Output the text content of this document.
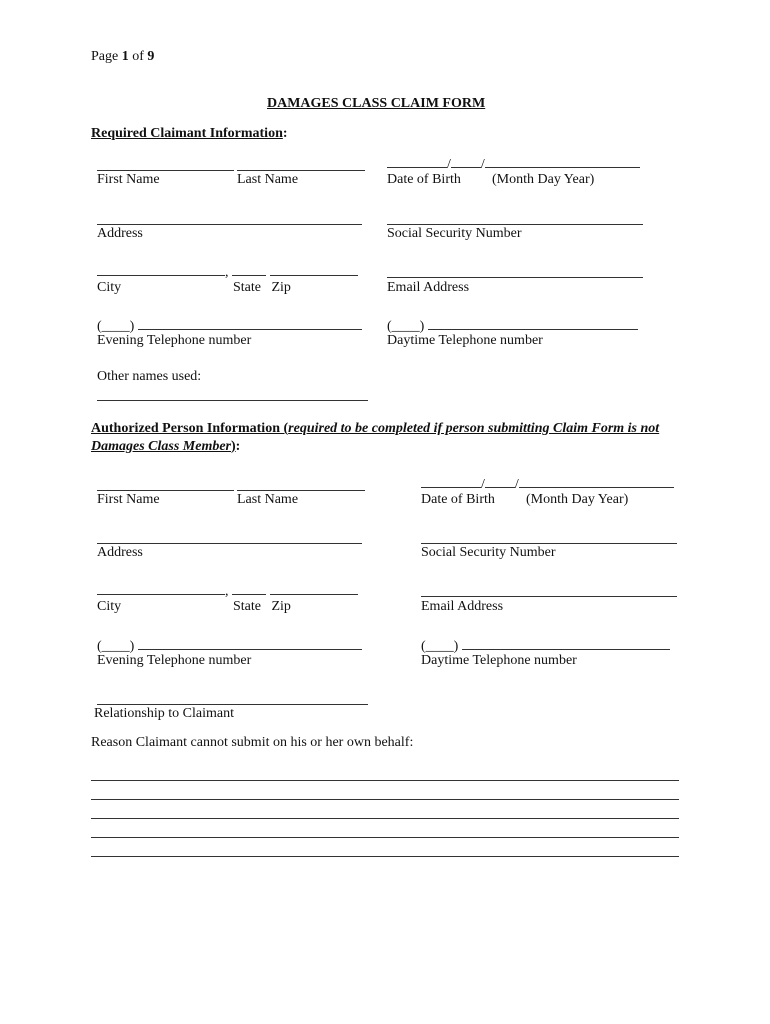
Page 1 of 9
DAMAGES CLASS CLAIM FORM
Required Claimant Information:
First Name	Last Name
/ /
Date of Birth (Month Day Year)
Address	Social Security Number
,
City	State   Zip	Email Address
(____)
Evening Telephone number
(____)
Daytime Telephone number
Other names used:
Authorized Person Information (required to be completed if person submitting Claim Form is not Damages Class Member):
First Name	Last Name
/ /
Date of Birth (Month Day Year)
Address	Social Security Number
,
City	State   Zip	Email Address
(____)
Evening Telephone number
(____)
Daytime Telephone number
Relationship to Claimant
Reason Claimant cannot submit on his or her own behalf:
